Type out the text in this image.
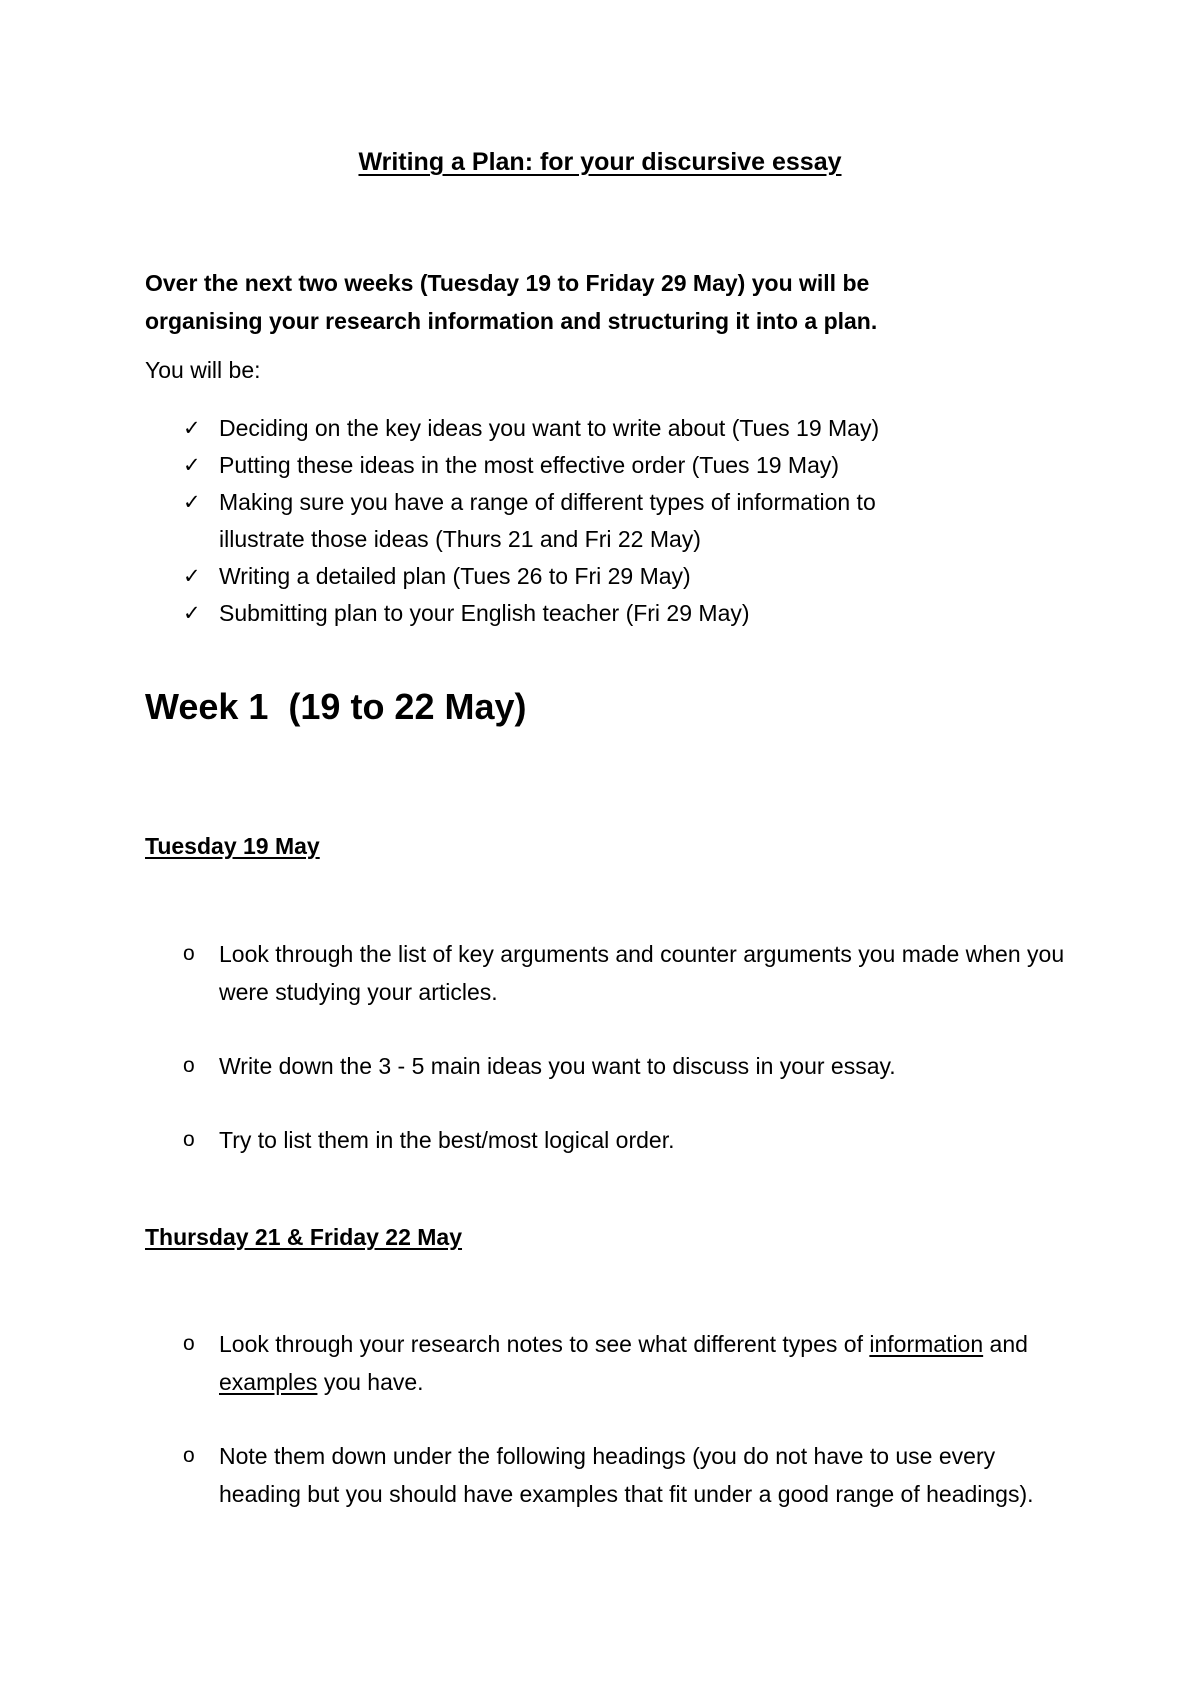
Writing a Plan: for your discursive essay
Over the next two weeks (Tuesday 19 to Friday 29 May) you will be
organising your research information and structuring it into a plan.
You will be:
✓ Deciding on the key ideas you want to write about (Tues 19 May)
✓ Putting these ideas in the most effective order (Tues 19 May)
✓ Making sure you have a range of different types of information to
illustrate those ideas (Thurs 21 and Fri 22 May)
✓ Writing a detailed plan (Tues 26 to Fri 29 May)
✓ Submitting plan to your English teacher (Fri 29 May)
Week 1  (19 to 22 May)
Tuesday 19 May
o Look through the list of key arguments and counter arguments you made when you were studying your articles.
o Write down the 3 - 5 main ideas you want to discuss in your essay.
o Try to list them in the best/most logical order.
Thursday 21 & Friday 22 May
o Look through your research notes to see what different types of information and examples you have.
o Note them down under the following headings (you do not have to use every heading but you should have examples that fit under a good range of headings).
